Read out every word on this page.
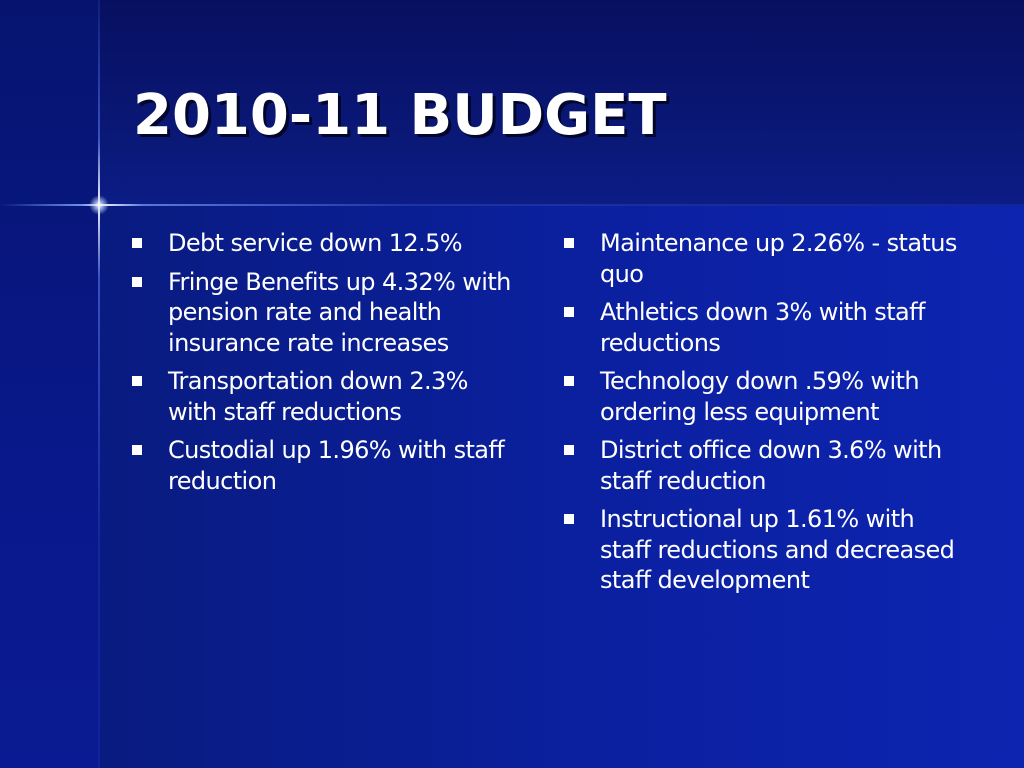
2010-11 BUDGET
Debt service down 12.5%
Fringe Benefits up 4.32% with pension rate and health insurance rate increases
Transportation down 2.3% with staff reductions
Custodial up 1.96% with staff reduction
Maintenance up 2.26% - status quo
Athletics down 3% with staff reductions
Technology down .59% with ordering less equipment
District office down 3.6% with staff reduction
Instructional up 1.61% with staff reductions and decreased staff development
